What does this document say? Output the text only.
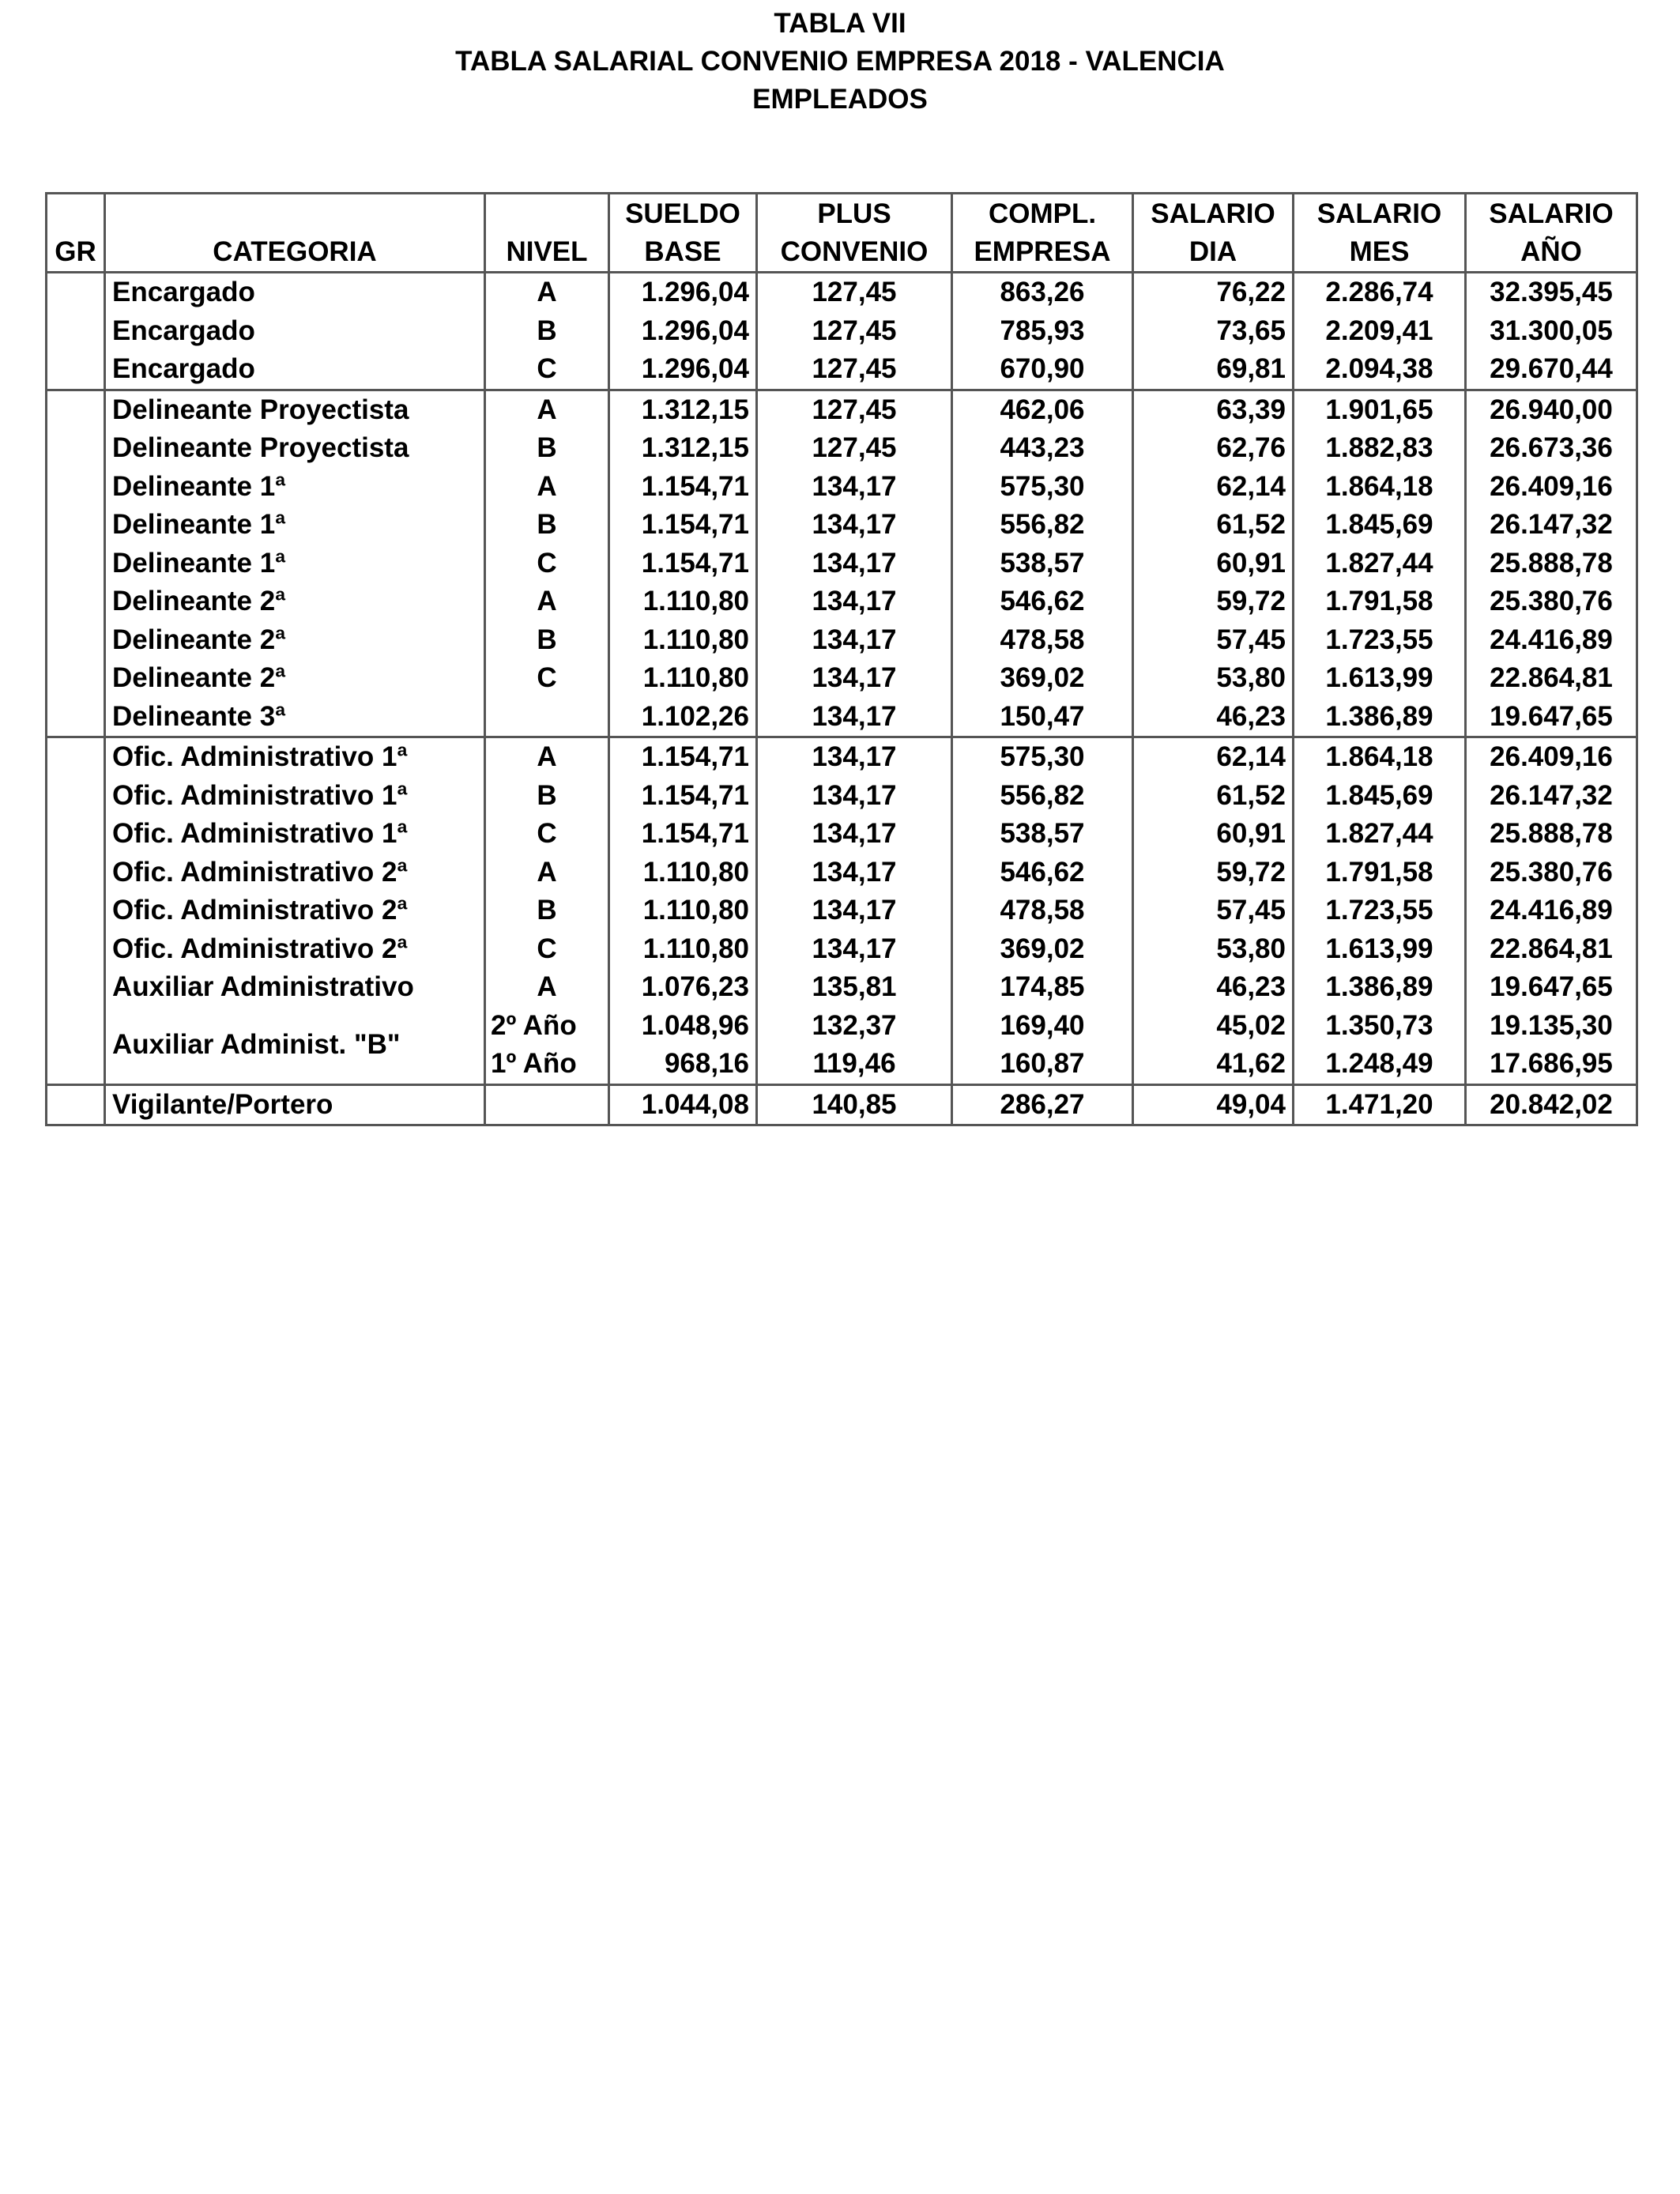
TABLA VII
TABLA SALARIAL CONVENIO EMPRESA 2018 - VALENCIA
EMPLEADOS
			SUELDO	PLUS	COMPL.	SALARIO	SALARIO	SALARIO
GR	CATEGORIA	NIVEL	BASE	CONVENIO	EMPRESA	DIA	MES	AÑO
	Encargado	A	1.296,04	127,45	863,26	76,22	2.286,74	32.395,45
	Encargado	B	1.296,04	127,45	785,93	73,65	2.209,41	31.300,05
	Encargado	C	1.296,04	127,45	670,90	69,81	2.094,38	29.670,44
	Delineante Proyectista	A	1.312,15	127,45	462,06	63,39	1.901,65	26.940,00
	Delineante Proyectista	B	1.312,15	127,45	443,23	62,76	1.882,83	26.673,36
	Delineante 1ª	A	1.154,71	134,17	575,30	62,14	1.864,18	26.409,16
	Delineante 1ª	B	1.154,71	134,17	556,82	61,52	1.845,69	26.147,32
	Delineante 1ª	C	1.154,71	134,17	538,57	60,91	1.827,44	25.888,78
	Delineante 2ª	A	1.110,80	134,17	546,62	59,72	1.791,58	25.380,76
	Delineante 2ª	B	1.110,80	134,17	478,58	57,45	1.723,55	24.416,89
	Delineante 2ª	C	1.110,80	134,17	369,02	53,80	1.613,99	22.864,81
	Delineante 3ª		1.102,26	134,17	150,47	46,23	1.386,89	19.647,65
	Ofic. Administrativo 1ª	A	1.154,71	134,17	575,30	62,14	1.864,18	26.409,16
	Ofic. Administrativo 1ª	B	1.154,71	134,17	556,82	61,52	1.845,69	26.147,32
	Ofic. Administrativo 1ª	C	1.154,71	134,17	538,57	60,91	1.827,44	25.888,78
	Ofic. Administrativo 2ª	A	1.110,80	134,17	546,62	59,72	1.791,58	25.380,76
	Ofic. Administrativo 2ª	B	1.110,80	134,17	478,58	57,45	1.723,55	24.416,89
	Ofic. Administrativo 2ª	C	1.110,80	134,17	369,02	53,80	1.613,99	22.864,81
	Auxiliar Administrativo	A	1.076,23	135,81	174,85	46,23	1.386,89	19.647,65
	Auxiliar Administ. "B"	2º Año	1.048,96	132,37	169,40	45,02	1.350,73	19.135,30
		1º Año	968,16	119,46	160,87	41,62	1.248,49	17.686,95
	Vigilante/Portero		1.044,08	140,85	286,27	49,04	1.471,20	20.842,02
